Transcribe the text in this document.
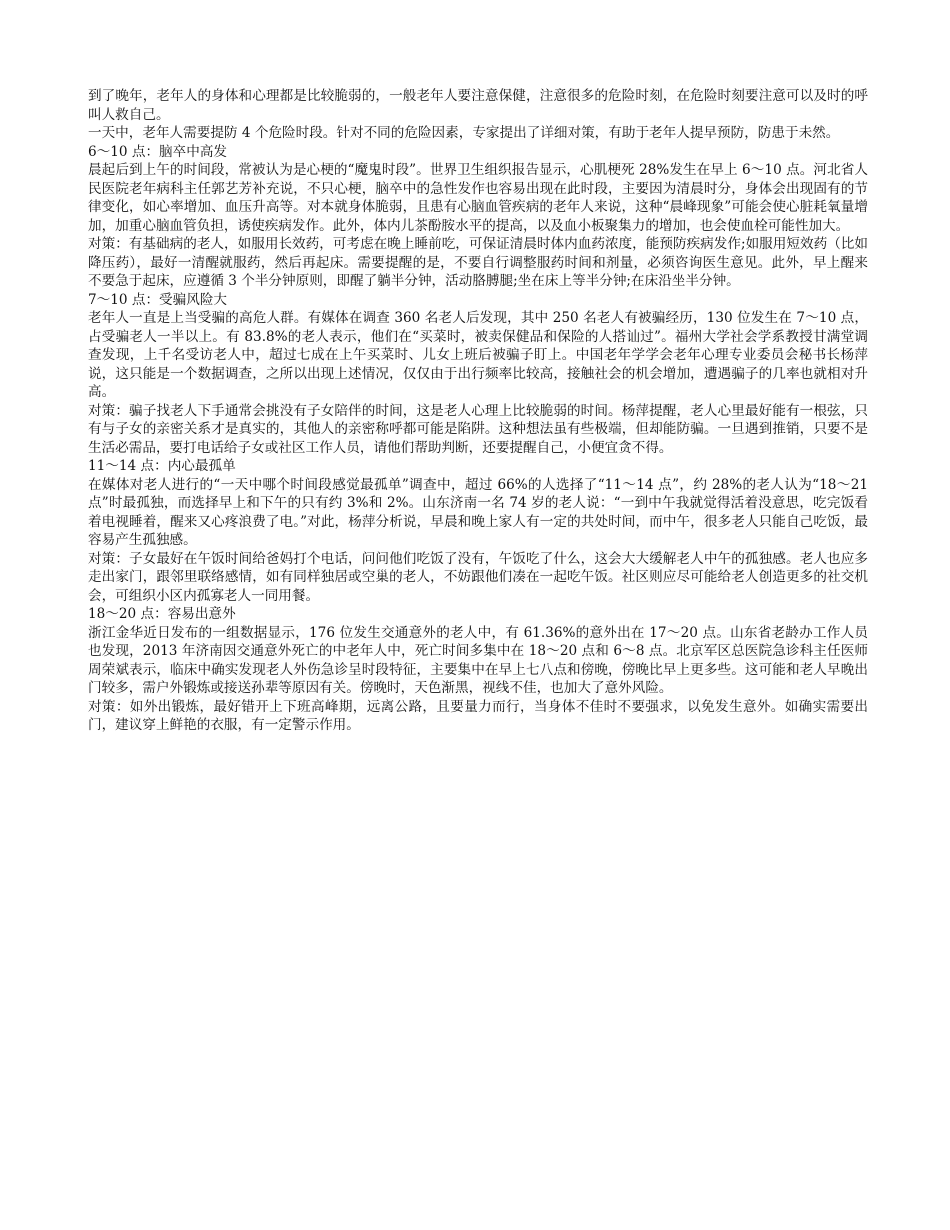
到了晚年，老年人的身体和心理都是比较脆弱的，一般老年人要注意保健，注意很多的危险时刻，在危险时刻要注意可以及时的呼叫人救自己。

一天中，老年人需要提防 4 个危险时段。针对不同的危险因素，专家提出了详细对策，有助于老年人提早预防，防患于未然。

6～10 点：脑卒中高发

晨起后到上午的时间段，常被认为是心梗的“魔鬼时段”。世界卫生组织报告显示，心肌梗死 28%发生在早上 6～10 点。河北省人民医院老年病科主任郭艺芳补充说，不只心梗，脑卒中的急性发作也容易出现在此时段，主要因为清晨时分，身体会出现固有的节律变化，如心率增加、血压升高等。对本就身体脆弱，且患有心脑血管疾病的老年人来说，这种“晨峰现象”可能会使心脏耗氧量增加，加重心脑血管负担，诱使疾病发作。此外，体内儿茶酚胺水平的提高，以及血小板聚集力的增加，也会使血栓可能性加大。

对策：有基础病的老人，如服用长效药，可考虑在晚上睡前吃，可保证清晨时体内血药浓度，能预防疾病发作;如服用短效药（比如降压药），最好一清醒就服药，然后再起床。需要提醒的是，不要自行调整服药时间和剂量，必须咨询医生意见。此外，早上醒来不要急于起床，应遵循 3 个半分钟原则，即醒了躺半分钟，活动胳膊腿;坐在床上等半分钟;在床沿坐半分钟。

7～10 点：受骗风险大

老年人一直是上当受骗的高危人群。有媒体在调查 360 名老人后发现，其中 250 名老人有被骗经历，130 位发生在 7～10 点，占受骗老人一半以上。有 83.8%的老人表示，他们在“买菜时，被卖保健品和保险的人搭讪过”。福州大学社会学系教授甘满堂调查发现，上千名受访老人中，超过七成在上午买菜时、儿女上班后被骗子盯上。中国老年学学会老年心理专业委员会秘书长杨萍说，这只能是一个数据调查，之所以出现上述情况，仅仅由于出行频率比较高，接触社会的机会增加，遭遇骗子的几率也就相对升高。

对策：骗子找老人下手通常会挑没有子女陪伴的时间，这是老人心理上比较脆弱的时间。杨萍提醒，老人心里最好能有一根弦，只有与子女的亲密关系才是真实的，其他人的亲密称呼都可能是陷阱。这种想法虽有些极端，但却能防骗。一旦遇到推销，只要不是生活必需品，要打电话给子女或社区工作人员，请他们帮助判断，还要提醒自己，小便宜贪不得。

11～14 点：内心最孤单

在媒体对老人进行的“一天中哪个时间段感觉最孤单”调查中，超过 66%的人选择了“11～14 点”，约 28%的老人认为“18～21 点”时最孤独，而选择早上和下午的只有约 3%和 2%。山东济南一名 74 岁的老人说：“一到中午我就觉得活着没意思，吃完饭看着电视睡着，醒来又心疼浪费了电。”对此，杨萍分析说，早晨和晚上家人有一定的共处时间，而中午，很多老人只能自己吃饭，最容易产生孤独感。

对策：子女最好在午饭时间给爸妈打个电话，问问他们吃饭了没有，午饭吃了什么，这会大大缓解老人中午的孤独感。老人也应多走出家门，跟邻里联络感情，如有同样独居或空巢的老人，不妨跟他们凑在一起吃午饭。社区则应尽可能给老人创造更多的社交机会，可组织小区内孤寡老人一同用餐。

18～20 点：容易出意外

浙江金华近日发布的一组数据显示，176 位发生交通意外的老人中，有 61.36%的意外出在 17～20 点。山东省老龄办工作人员也发现，2013 年济南因交通意外死亡的中老年人中，死亡时间多集中在 18～20 点和 6～8 点。北京军区总医院急诊科主任医师周荣斌表示，临床中确实发现老人外伤急诊呈时段特征，主要集中在早上七八点和傍晚，傍晚比早上更多些。这可能和老人早晚出门较多，需户外锻炼或接送孙辈等原因有关。傍晚时，天色渐黑，视线不佳，也加大了意外风险。

对策：如外出锻炼，最好错开上下班高峰期，远离公路，且要量力而行，当身体不佳时不要强求，以免发生意外。如确实需要出门，建议穿上鲜艳的衣服，有一定警示作用。
